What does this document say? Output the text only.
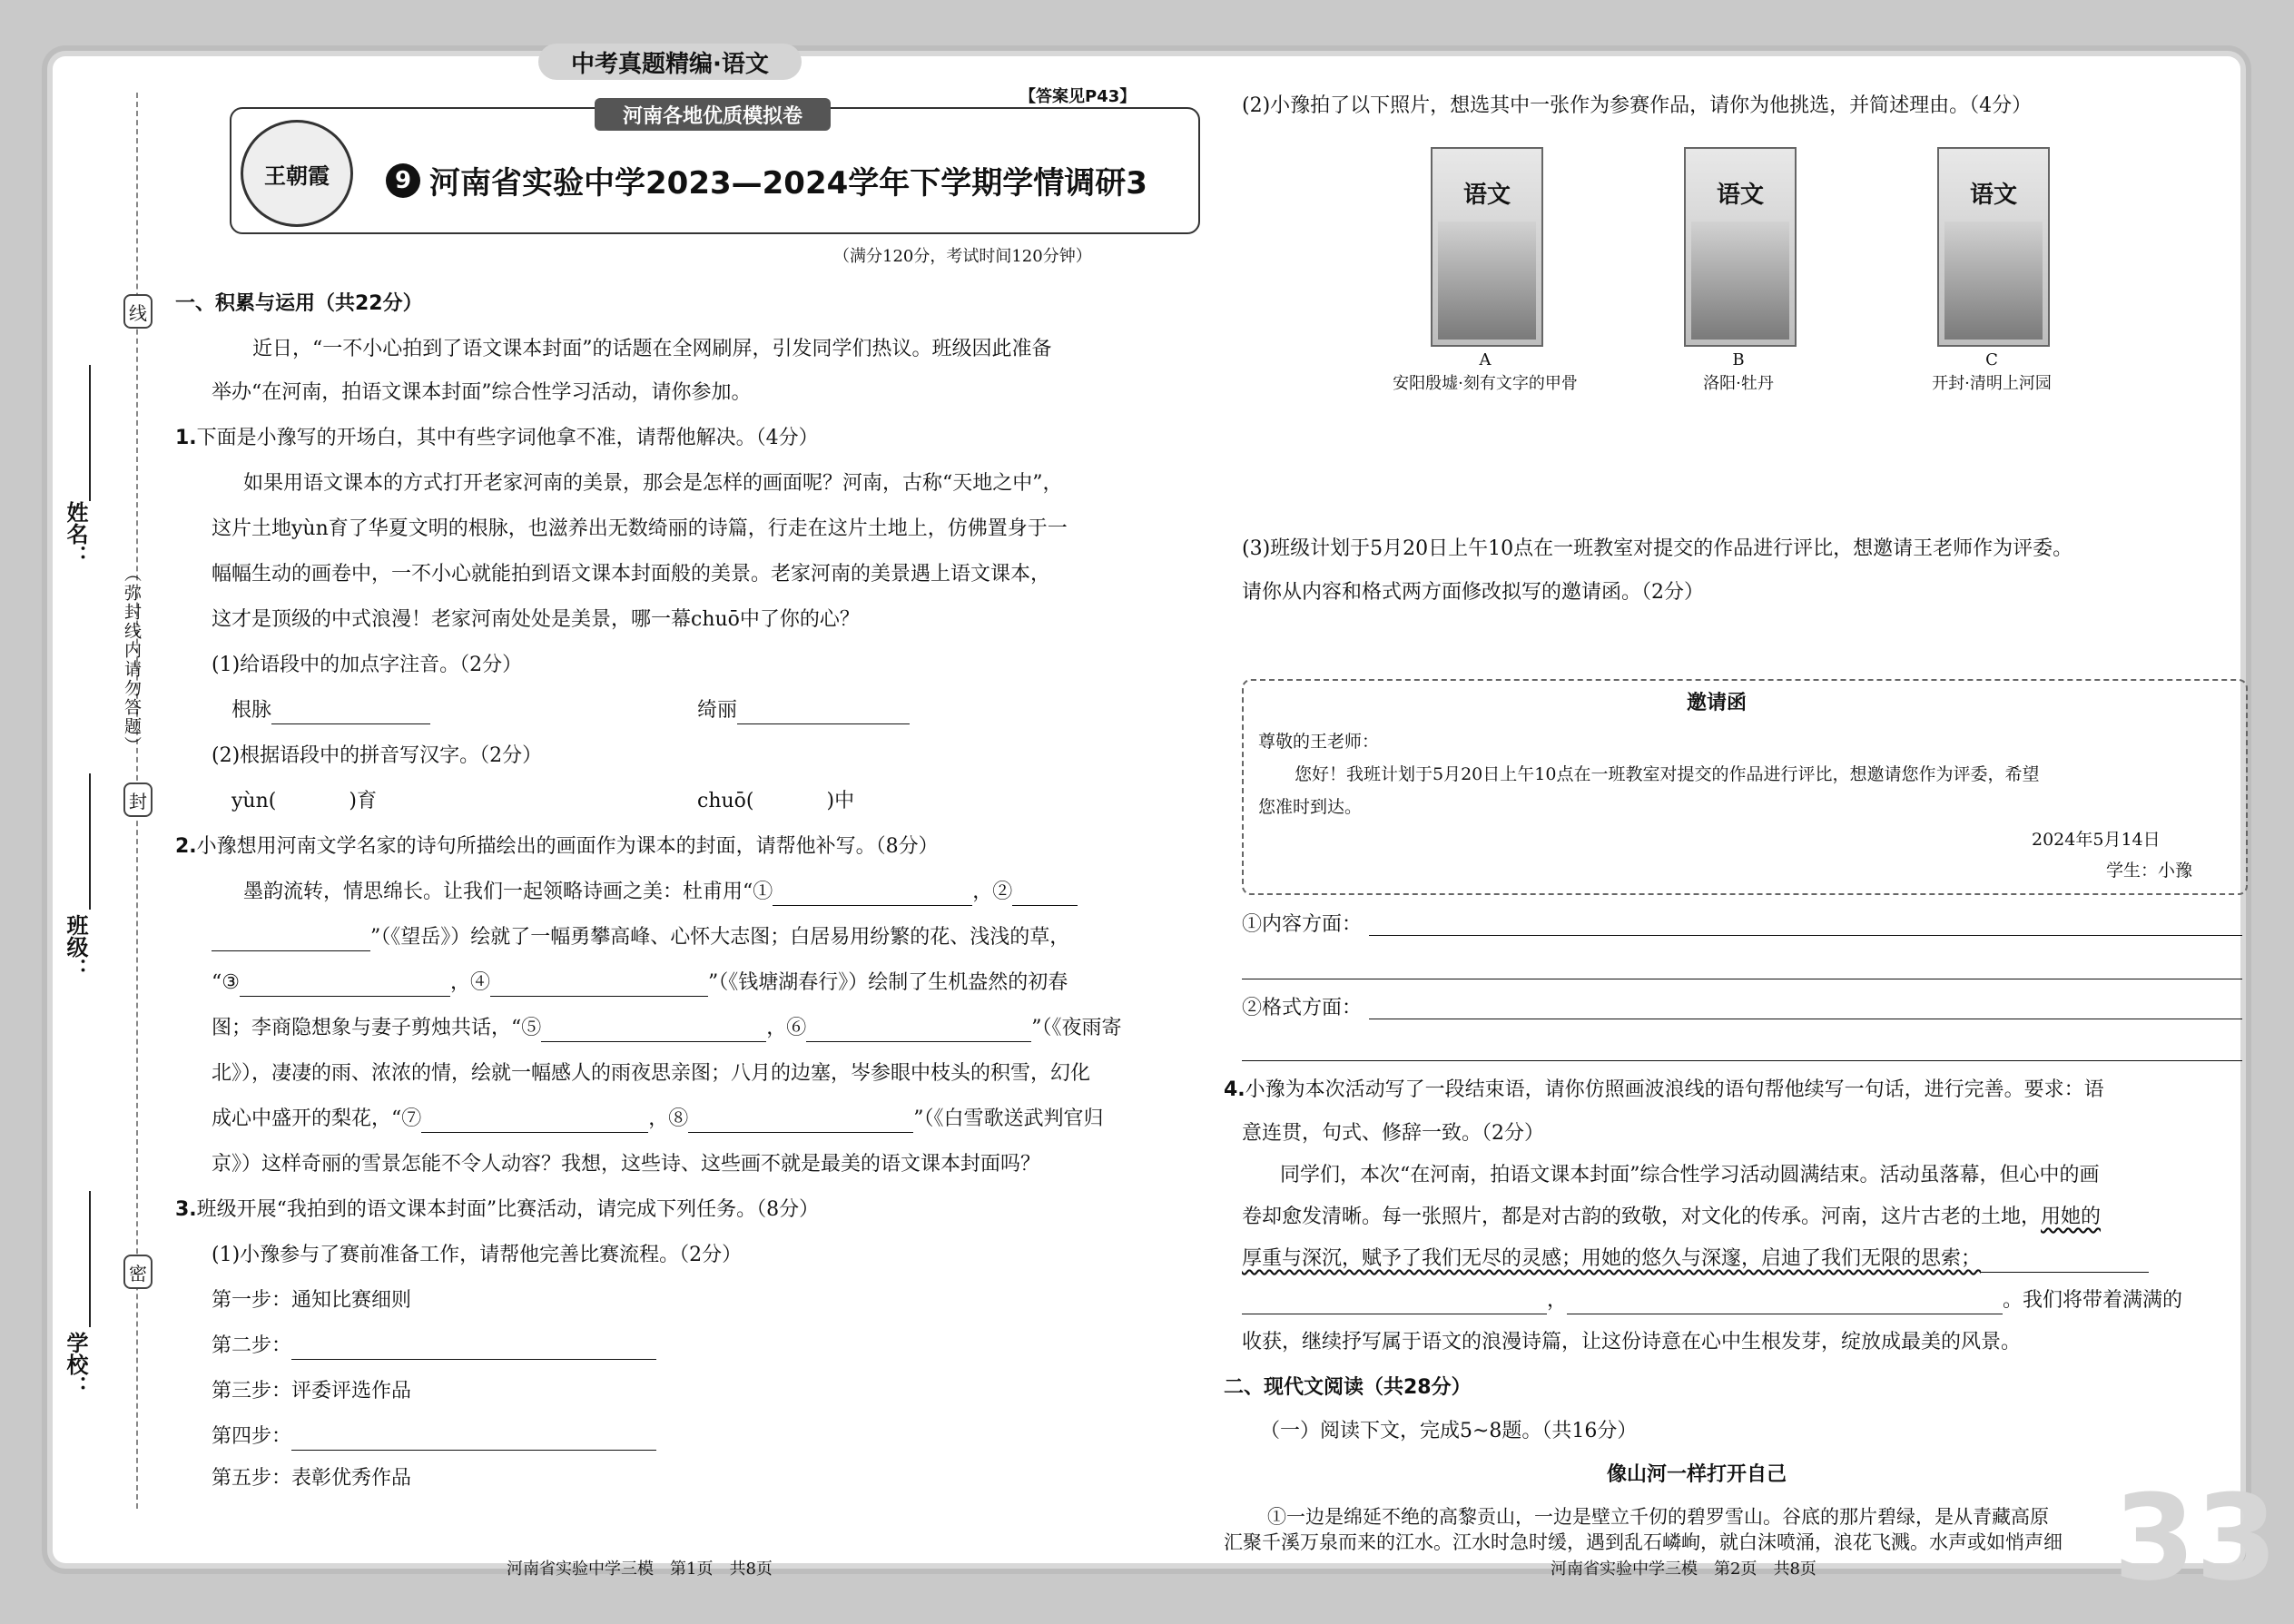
线
封
密
（弥封线内请勿答题）
姓名：
班级：
学校：
中考真题精编·语文
【答案见P43】
河南各地优质模拟卷
王朝霞	9 河南省实验中学2023—2024学年下学期学情调研3
（满分120分，考试时间120分钟）
一、积累与运用（共22分）
近日，“一不小心拍到了语文课本封面”的话题在全网刷屏，引发同学们热议。班级因此准备
举办“在河南，拍语文课本封面”综合性学习活动，请你参加。
1.下面是小豫写的开场白，其中有些字词他拿不准，请帮他解决。（4分）
如果用语文课本的方式打开老家河南的美景，那会是怎样的画面呢？河南，古称“天地之中”，
这片土地yùn育了华夏文明的根脉，也滋养出无数绮丽的诗篇，行走在这片土地上，仿佛置身于一
幅幅生动的画卷中，一不小心就能拍到语文课本封面般的美景。老家河南的美景遇上语文课本，
这才是顶级的中式浪漫！老家河南处处是美景，哪一幕chuō中了你的心？
(1)给语段中的加点字注音。（2分）
根脉	绮丽
(2)根据语段中的拼音写汉字。（2分）
yùn(	)育	chuō(	)中
2.小豫想用河南文学名家的诗句所描绘出的画面作为课本的封面，请帮他补写。（8分）
墨韵流转，情思绵长。让我们一起领略诗画之美：杜甫用“①	，②
”（《望岳》）绘就了一幅勇攀高峰、心怀大志图；白居易用纷繁的花、浅浅的草，
“③	，④	”（《钱塘湖春行》）绘制了生机盎然的初春
图；李商隐想象与妻子剪烛共话，“⑤	，⑥	”（《夜雨寄
北》），凄凄的雨、浓浓的情，绘就一幅感人的雨夜思亲图；八月的边塞，岑参眼中枝头的积雪，幻化
成心中盛开的梨花，“⑦	，⑧	”（《白雪歌送武判官归
京》）这样奇丽的雪景怎能不令人动容？我想，这些诗、这些画不就是最美的语文课本封面吗？
3.班级开展“我拍到的语文课本封面”比赛活动，请完成下列任务。（8分）
(1)小豫参与了赛前准备工作，请帮他完善比赛流程。（2分）
第一步：通知比赛细则
第二步：
第三步：评委评选作品
第四步：
第五步：表彰优秀作品
河南省实验中学三模　第1页　共8页
(2)小豫拍了以下照片，想选其中一张作为参赛作品，请你为他挑选，并简述理由。（4分）
语文
A
安阳殷墟·刻有文字的甲骨
语文
B
洛阳·牡丹
语文
C
开封·清明上河园
(3)班级计划于5月20日上午10点在一班教室对提交的作品进行评比，想邀请王老师作为评委。
请你从内容和格式两方面修改拟写的邀请函。（2分）
邀请函
尊敬的王老师：
您好！我班计划于5月20日上午10点在一班教室对提交的作品进行评比，想邀请您作为评委，希望
您准时到达。
2024年5月14日
学生：小豫
①内容方面：
②格式方面：
4.小豫为本次活动写了一段结束语，请你仿照画波浪线的语句帮他续写一句话，进行完善。要求：语
意连贯，句式、修辞一致。（2分）
同学们，本次“在河南，拍语文课本封面”综合性学习活动圆满结束。活动虽落幕，但心中的画
卷却愈发清晰。每一张照片，都是对古韵的致敬，对文化的传承。河南，这片古老的土地，用她的
厚重与深沉，赋予了我们无尽的灵感；用她的悠久与深邃，启迪了我们无限的思索；
，	。我们将带着满满的
收获，继续抒写属于语文的浪漫诗篇，让这份诗意在心中生根发芽，绽放成最美的风景。
二、现代文阅读（共28分）
（一）阅读下文，完成5~8题。（共16分）
像山河一样打开自己
①一边是绵延不绝的高黎贡山，一边是壁立千仞的碧罗雪山。谷底的那片碧绿，是从青藏高原
河南省实验中学三模　第2页　共8页	33
汇聚千溪万泉而来的江水。江水时急时缓，遇到乱石嶙峋，就白沫喷涌，浪花飞溅。水声或如悄声细
